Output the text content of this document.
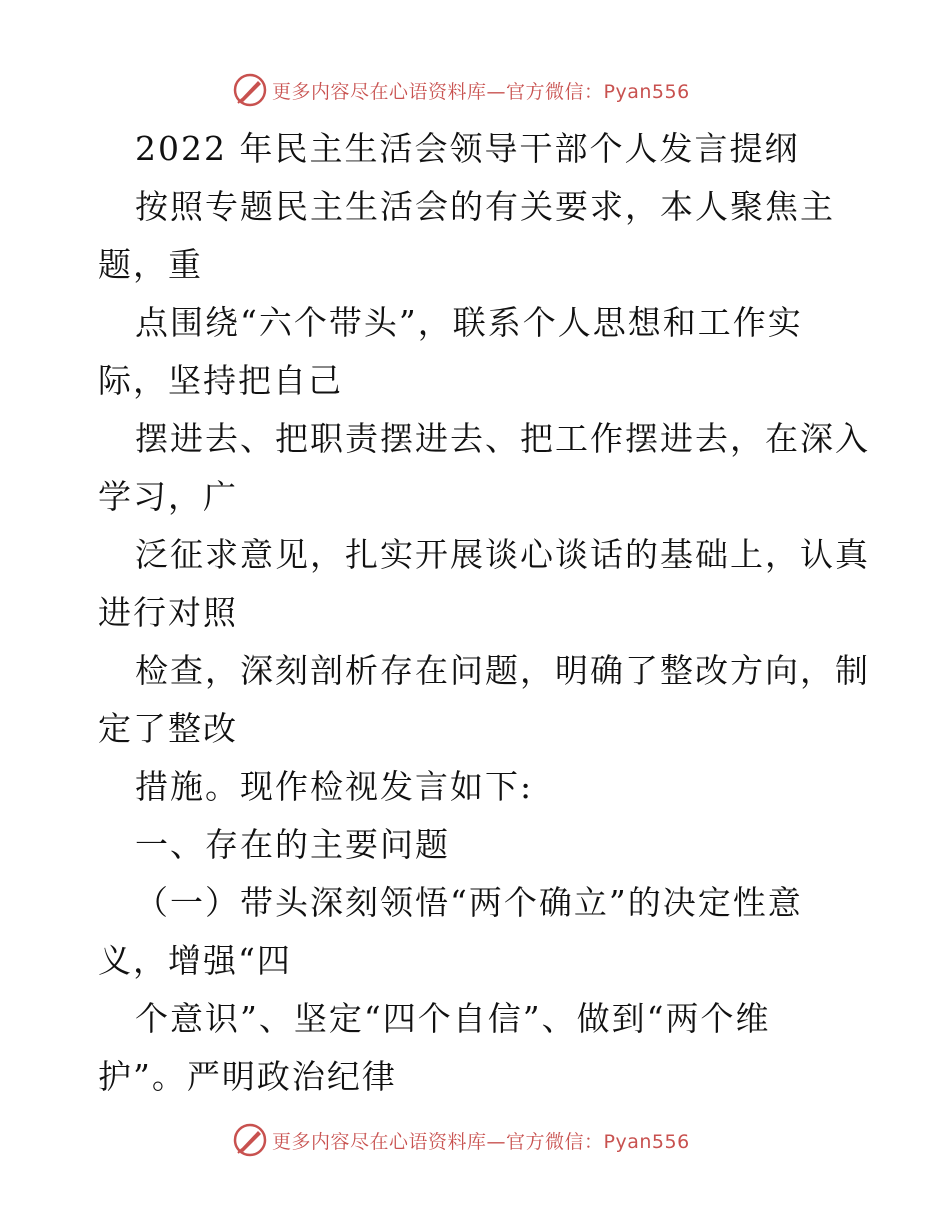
更多内容尽在心语资料库—官方微信：Pyan556
2022 年民主生活会领导干部个人发言提纲
按照专题民主生活会的有关要求，本人聚焦主
题，重
点围绕“六个带头”，联系个人思想和工作实
际，坚持把自己
摆进去、把职责摆进去、把工作摆进去，在深入
学习，广
泛征求意见，扎实开展谈心谈话的基础上，认真
进行对照
检查，深刻剖析存在问题，明确了整改方向，制
定了整改
措施。现作检视发言如下:
一、存在的主要问题
（一）带头深刻领悟“两个确立”的决定性意
义，增强“四
个意识”、坚定“四个自信”、做到“两个维
护”。严明政治纪律
更多内容尽在心语资料库—官方微信：Pyan556
